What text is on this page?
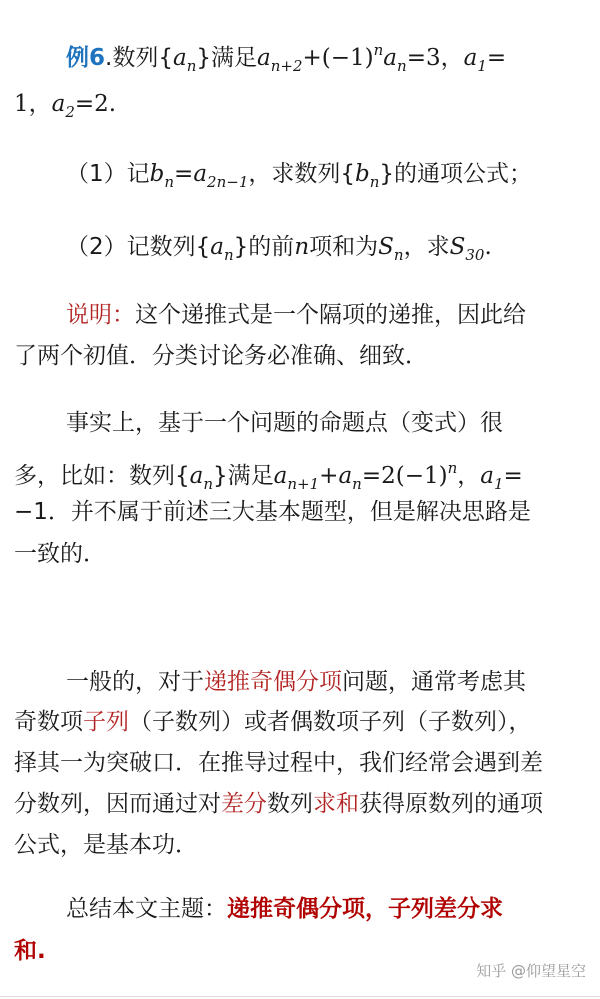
例6.数列$\{a_n\}$满足$a_{n+2}+(-1)^na_n=3$，$a_1=$
1，$a_2=2$.
（1）记$b_n=a_{2n-1}$，求数列$\{b_n\}$的通项公式；
（2）记数列$\{a_n\}$的前n项和为$S_n$，求$S_{30}$.
说明：这个递推式是一个隔项的递推，因此给
了两个初值．分类讨论务必准确、细致．
事实上，基于一个问题的命题点（变式）很
多，比如：数列$\{a_n\}$满足$a_{n+1}+a_n=2(-1)^n$，$a_1=$
−1．并不属于前述三大基本题型，但是解决思路是
一致的．
一般的，对于递推奇偶分项问题，通常考虑其
奇数项子列（子数列）或者偶数项子列（子数列），
择其一为突破口．在推导过程中，我们经常会遇到差
分数列，因而通过对差分数列求和获得原数列的通项
公式，是基本功．
总结本文主题：递推奇偶分项，子列差分求
和.
知乎 @仰望星空
